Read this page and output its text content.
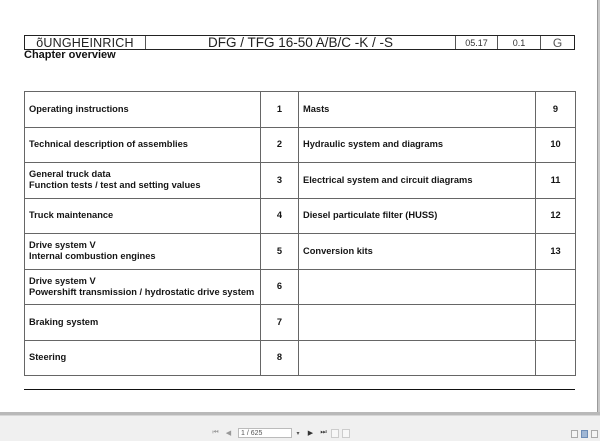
õUNGHEINRICH	DFG / TFG 16-50 A/B/C -K / -S	05.17	0.1	G
Chapter overview
Operating instructions	1	Masts	9

Technical description of assemblies	2	Hydraulic system and diagrams	10

General truck data
Function tests / test and setting values	3	Electrical system and circuit diagrams	11

Truck maintenance	4	Diesel particulate filter (HUSS)	12

Drive system V
Internal combustion engines	5	Conversion kits	13

Drive system V
Powershift transmission / hydrostatic drive system	6	

Braking system	7	

Steering	8	

⏮	◀	1 / 625	▾	▶	⏭
